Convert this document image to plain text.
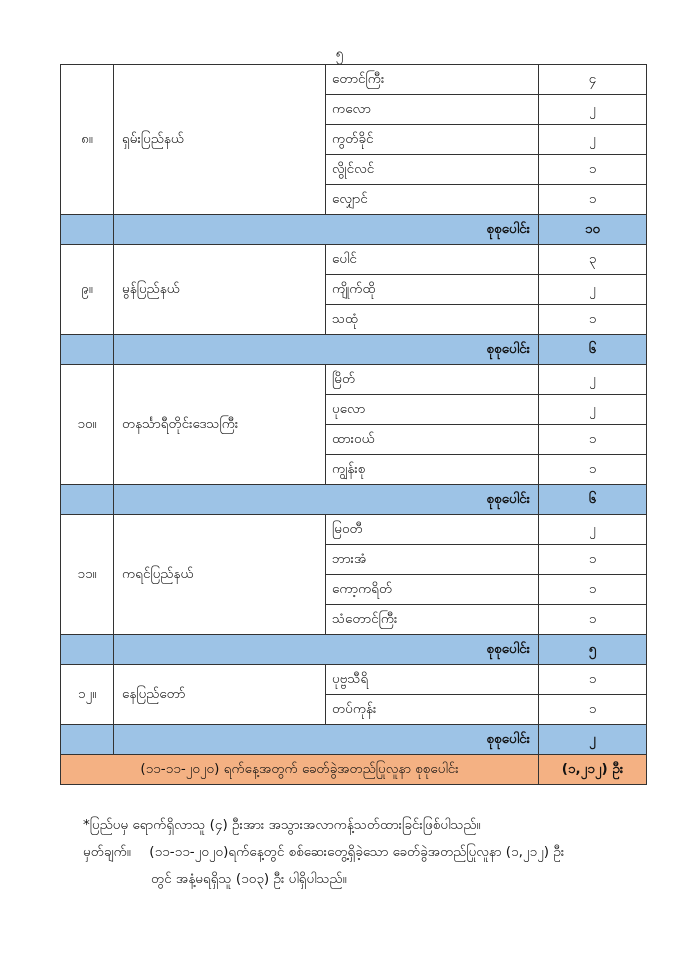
၅
၈။	ရှမ်းပြည်နယ်	တောင်ကြီး	၄
		ကလော	၂
		ကွတ်ခိုင်	၂
		လွိုင်လင်	၁
		လျှောင်	၁
	စုစုပေါင်း		၁၀
၉။	မွန်ပြည်နယ်	ပေါင်	၃
		ကျိုက်ထို	၂
		သထုံ	၁
	စုစုပေါင်း		၆
၁၀။	တနင်္သာရီတိုင်းဒေသကြီး	မြိတ်	၂
		ပုလော	၂
		ထားဝယ်	၁
		ကျွန်းစု	၁
	စုစုပေါင်း		၆
၁၁။	ကရင်ပြည်နယ်	မြဝတီ	၂
		ဘားအံ	၁
		ကော့ကရိတ်	၁
		သံတောင်ကြီး	၁
	စုစုပေါင်း		၅
၁၂။	နေပြည်တော်	ပုဗ္ဗသီရိ	၁
		တပ်ကုန်း	၁
	စုစုပေါင်း		၂
(၁၁-၁၁-၂၀၂၀) ရက်နေ့အတွက် ခေတ်ခွဲအတည်ပြုလူနာ စုစုပေါင်း			(၁,၂၁၂) ဦး
*ပြည်ပမှ ရောက်ရှိလာသူ (၄) ဦးအား အသွားအလာကန့်သတ်ထားခြင်းဖြစ်ပါသည်။
မှတ်ချက်။ (၁၁-၁၁-၂၀၂၀)ရက်နေ့တွင် စစ်ဆေးတွေ့ရှိခဲ့သော ခေတ်ခွဲအတည်ပြုလူနာ (၁,၂၁၂) ဦး
တွင် အနံ့မရရှိသူ (၁၀၃) ဦး ပါရှိပါသည်။
